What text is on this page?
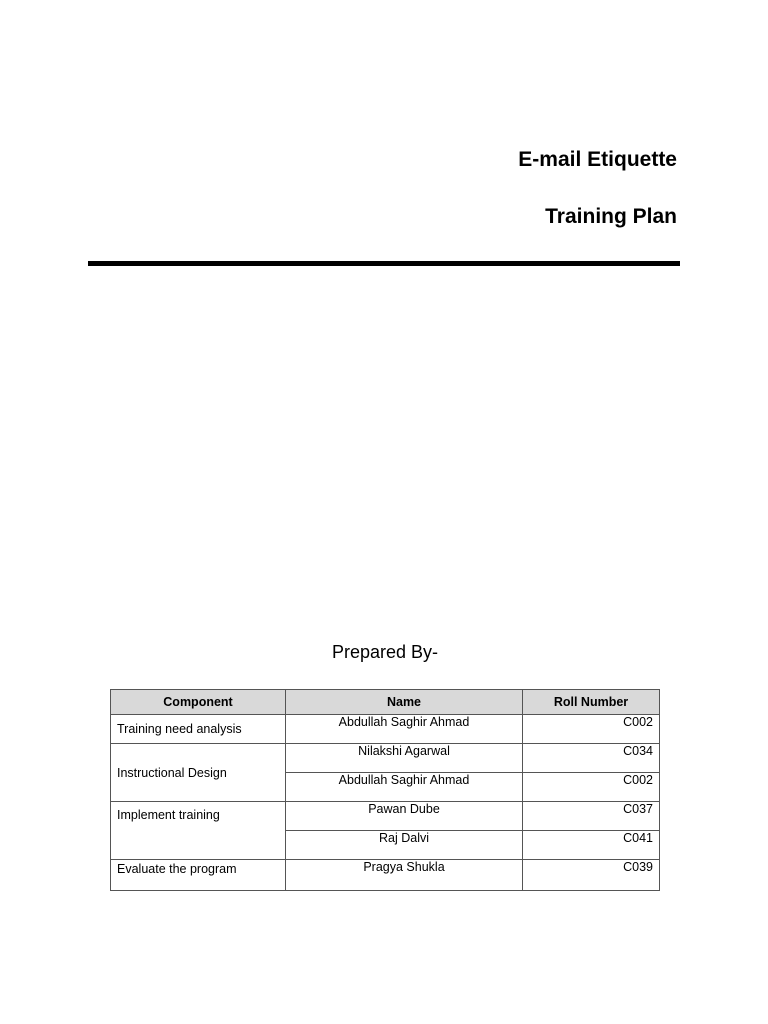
E-mail Etiquette
Training Plan
Prepared By-
Component	Name	Roll Number
Training need analysis	Abdullah Saghir Ahmad	C002
Instructional Design	Nilakshi Agarwal	C034
	Abdullah Saghir Ahmad	C002
Implement training	Pawan Dube	C037
	Raj Dalvi	C041
Evaluate the program	Pragya Shukla	C039
